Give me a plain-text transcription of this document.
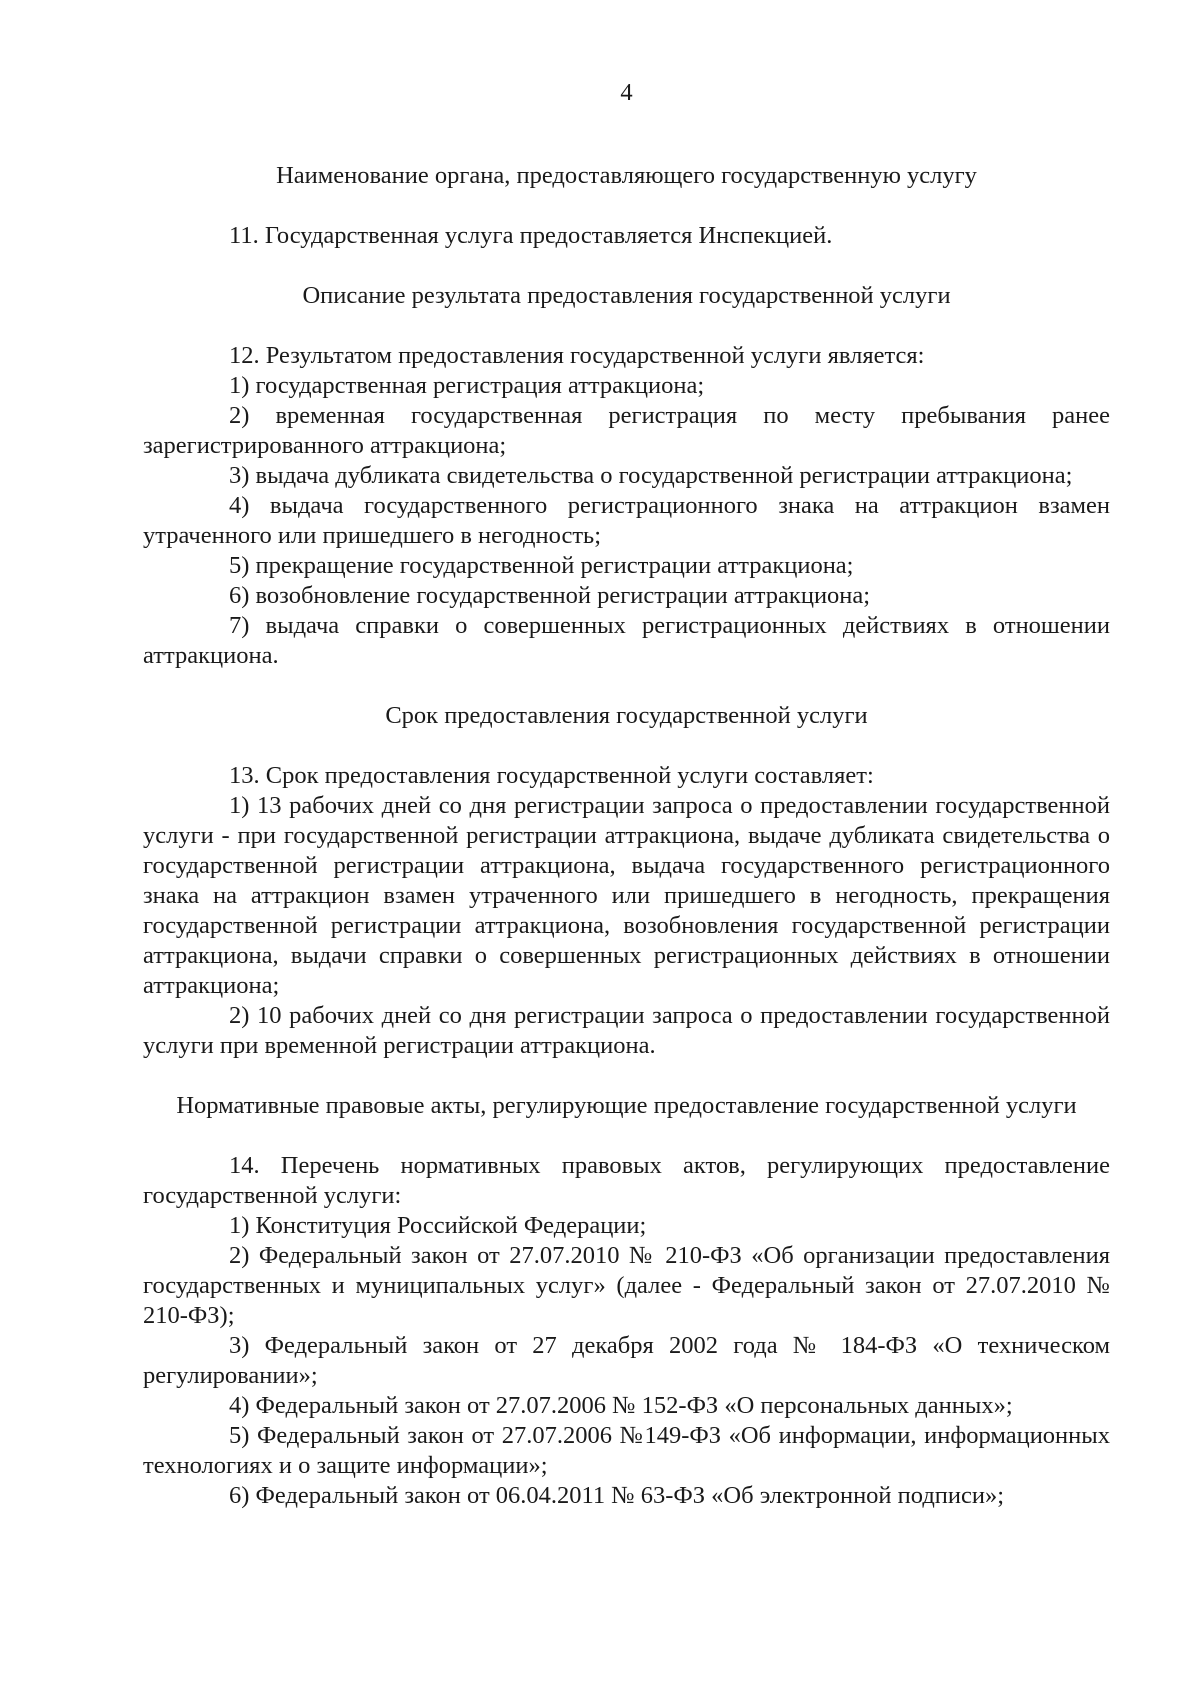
4

Наименование органа, предоставляющего государственную услугу

11. Государственная услуга предоставляется Инспекцией.

Описание результата предоставления государственной услуги

12. Результатом предоставления государственной услуги является:

1) государственная регистрация аттракциона;

2) временная государственная регистрация по месту пребывания ранее зарегистрированного аттракциона;

3) выдача дубликата свидетельства о государственной регистрации аттракциона;

4) выдача государственного регистрационного знака на аттракцион взамен утраченного или пришедшего в негодность;

5) прекращение государственной регистрации аттракциона;

6) возобновление государственной регистрации аттракциона;

7) выдача справки о совершенных регистрационных действиях в отношении аттракциона.

Срок предоставления государственной услуги

13. Срок предоставления государственной услуги составляет:

1) 13 рабочих дней со дня регистрации запроса о предоставлении государственной услуги - при государственной регистрации аттракциона, выдаче дубликата свидетельства о государственной регистрации аттракциона, выдача государственного регистрационного знака на аттракцион взамен утраченного или пришедшего в негодность, прекращения государственной регистрации аттракциона, возобновления государственной регистрации аттракциона, выдачи справки о совершенных регистрационных действиях в отношении аттракциона;

2) 10 рабочих дней со дня регистрации запроса о предоставлении государственной услуги при временной регистрации аттракциона.

Нормативные правовые акты, регулирующие предоставление государственной услуги

14. Перечень нормативных правовых актов, регулирующих предоставление государственной услуги:

1) Конституция Российской Федерации;

2) Федеральный закон от 27.07.2010 № 210-ФЗ «Об организации предоставления государственных и муниципальных услуг» (далее - Федеральный закон от 27.07.2010 № 210-ФЗ);

3) Федеральный закон от 27 декабря 2002 года № 184-ФЗ «О техническом регулировании»;

4) Федеральный закон от 27.07.2006 № 152-ФЗ «О персональных данных»;

5) Федеральный закон от 27.07.2006 №149-ФЗ «Об информации, информационных технологиях и о защите информации»;

6) Федеральный закон от 06.04.2011 № 63-ФЗ «Об электронной подписи»;
